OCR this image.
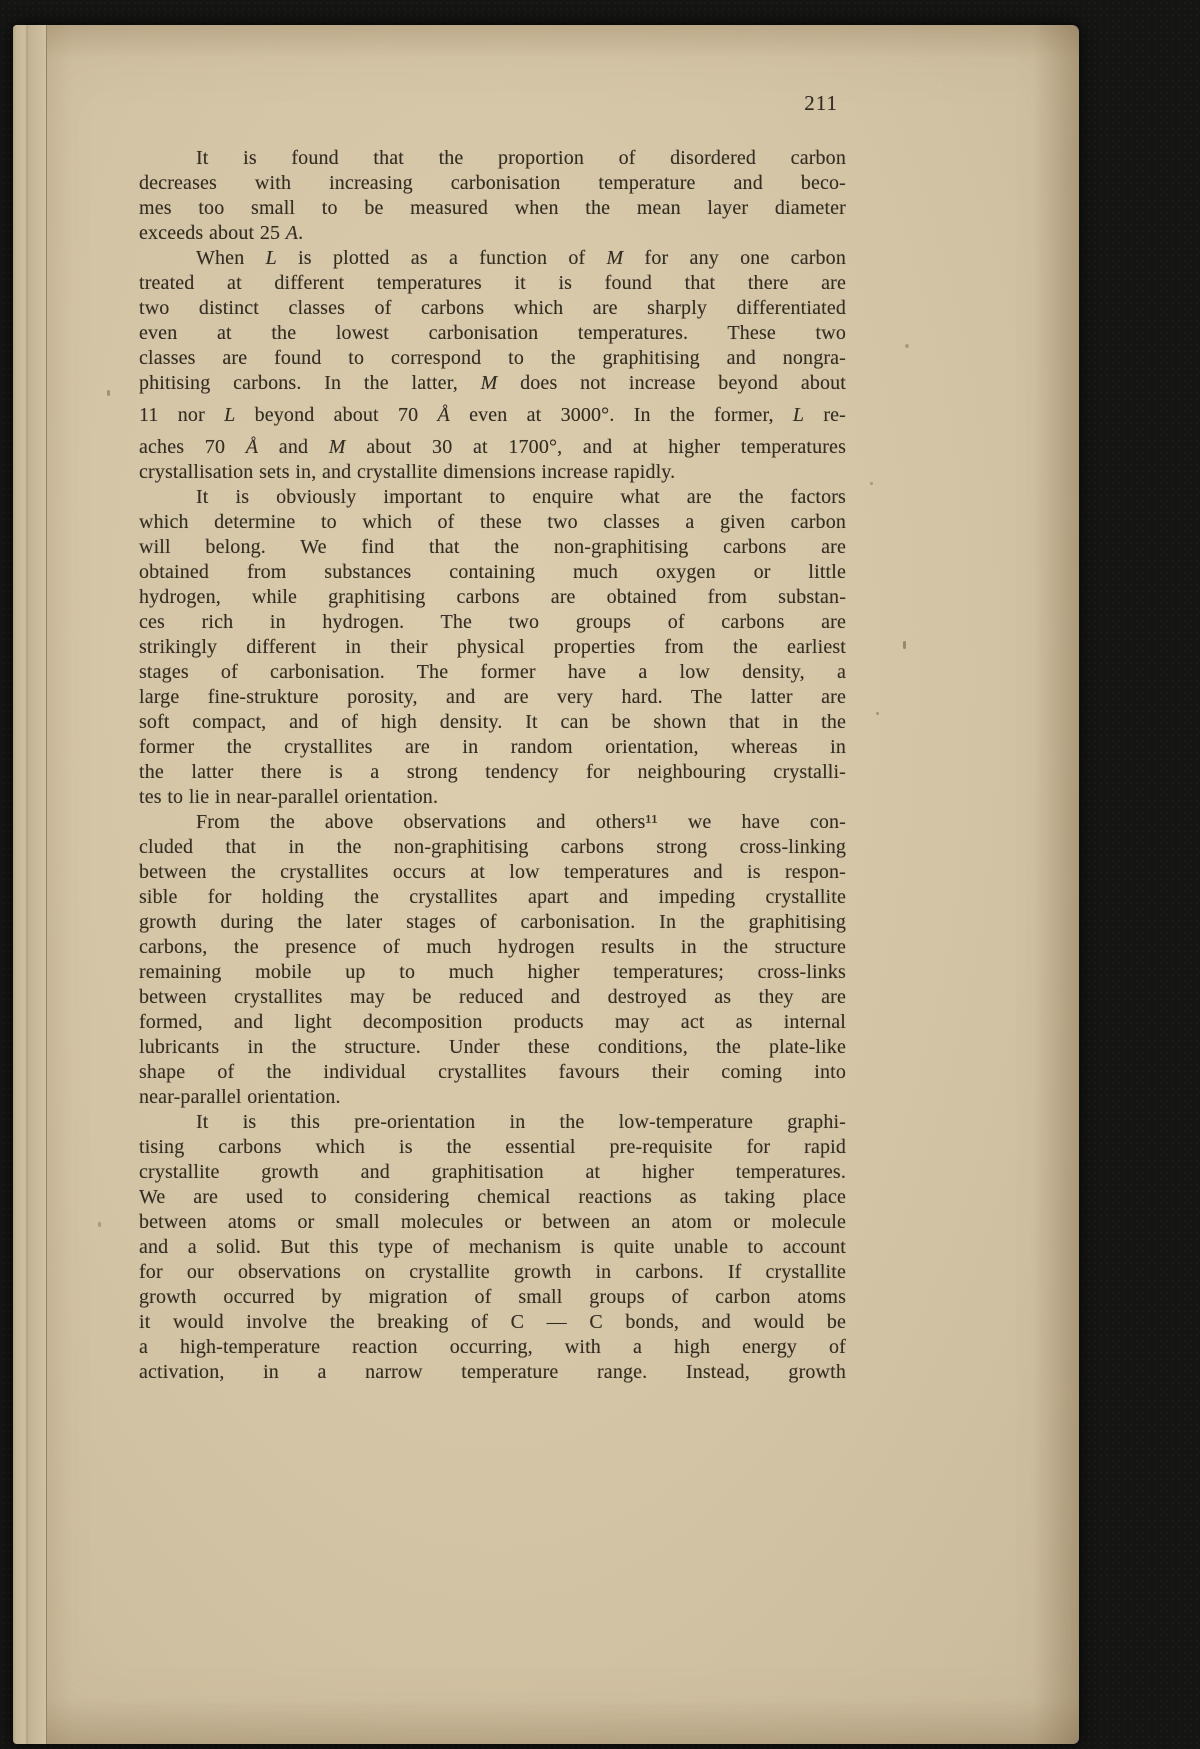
211
It is found that the proportion of disordered carbon
decreases with increasing carbonisation temperature and beco-
mes too small to be measured when the mean layer diameter
exceeds about 25 A.
When L is plotted as a function of M for any one carbon
treated at different temperatures it is found that there are
two distinct classes of carbons which are sharply differentiated
even at the lowest carbonisation temperatures. These two
classes are found to correspond to the graphitising and nongra-
phitising carbons. In the latter, M does not increase beyond about
11 nor L beyond about 70 Å even at 3000°. In the former, L re-
aches 70 Å and M about 30 at 1700°, and at higher temperatures
crystallisation sets in, and crystallite dimensions increase rapidly.
It is obviously important to enquire what are the factors
which determine to which of these two classes a given carbon
will belong. We find that the non-graphitising carbons are
obtained from substances containing much oxygen or little
hydrogen, while graphitising carbons are obtained from substan-
ces rich in hydrogen. The two groups of carbons are
strikingly different in their physical properties from the earliest
stages of carbonisation. The former have a low density, a
large fine-strukture porosity, and are very hard. The latter are
soft compact, and of high density. It can be shown that in the
former the crystallites are in random orientation, whereas in
the latter there is a strong tendency for neighbouring crystalli-
tes to lie in near-parallel orientation.
From the above observations and others¹¹ we have con-
cluded that in the non-graphitising carbons strong cross-linking
between the crystallites occurs at low temperatures and is respon-
sible for holding the crystallites apart and impeding crystallite
growth during the later stages of carbonisation. In the graphitising
carbons, the presence of much hydrogen results in the structure
remaining mobile up to much higher temperatures; cross-links
between crystallites may be reduced and destroyed as they are
formed, and light decomposition products may act as internal
lubricants in the structure. Under these conditions, the plate-like
shape of the individual crystallites favours their coming into
near-parallel orientation.
It is this pre-orientation in the low-temperature graphi-
tising carbons which is the essential pre-requisite for rapid
crystallite growth and graphitisation at higher temperatures.
We are used to considering chemical reactions as taking place
between atoms or small molecules or between an atom or molecule
and a solid. But this type of mechanism is quite unable to account
for our observations on crystallite growth in carbons. If crystallite
growth occurred by migration of small groups of carbon atoms
it would involve the breaking of C — C bonds, and would be
a high-temperature reaction occurring, with a high energy of
activation, in a narrow temperature range. Instead, growth
